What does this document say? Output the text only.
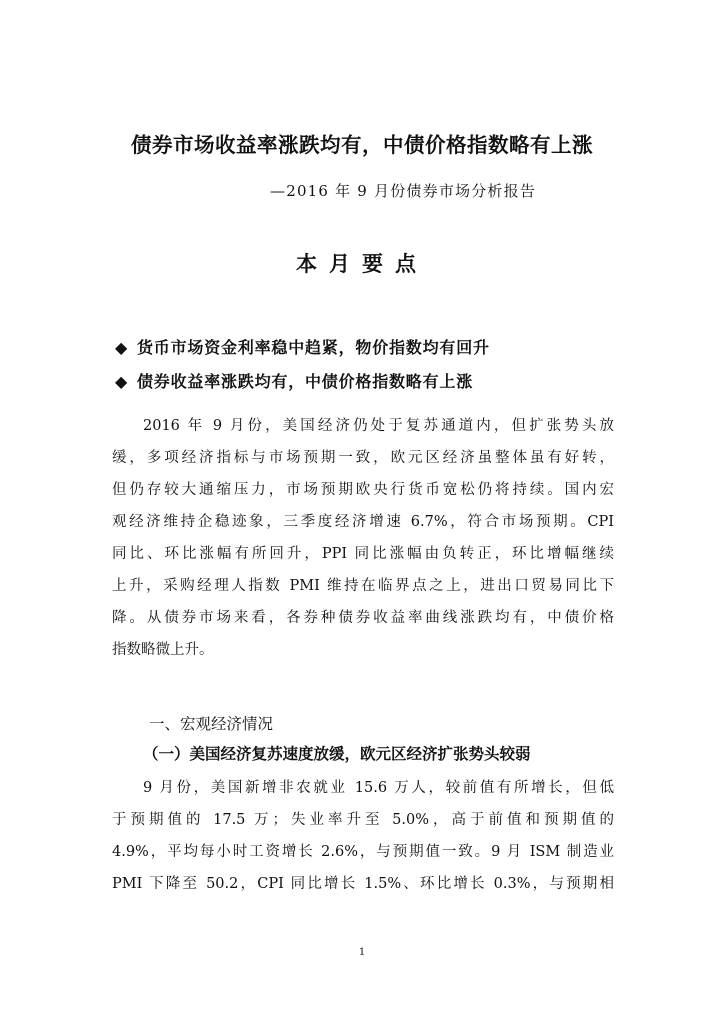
债券市场收益率涨跌均有，中债价格指数略有上涨
—2016 年 9 月份债券市场分析报告
本月要点
◆ 货币市场资金利率稳中趋紧，物价指数均有回升
◆ 债券收益率涨跌均有，中债价格指数略有上涨
2016 年 9 月份，美国经济仍处于复苏通道内，但扩张势头放
缓，多项经济指标与市场预期一致，欧元区经济虽整体虽有好转，
但仍存较大通缩压力，市场预期欧央行货币宽松仍将持续。国内宏
观经济维持企稳迹象，三季度经济增速 6.7%，符合市场预期。CPI
同比、环比涨幅有所回升，PPI 同比涨幅由负转正，环比增幅继续
上升，采购经理人指数 PMI 维持在临界点之上，进出口贸易同比下
降。从债券市场来看，各券种债券收益率曲线涨跌均有，中债价格
指数略微上升。
一、宏观经济情况
（一）美国经济复苏速度放缓，欧元区经济扩张势头较弱
9 月份，美国新增非农就业 15.6 万人，较前值有所增长，但低
于预期值的 17.5 万；失业率升至 5.0%，高于前值和预期值的
4.9%，平均每小时工资增长 2.6%，与预期值一致。9 月 ISM 制造业
PMI 下降至 50.2，CPI 同比增长 1.5%、环比增长 0.3%，与预期相
1
